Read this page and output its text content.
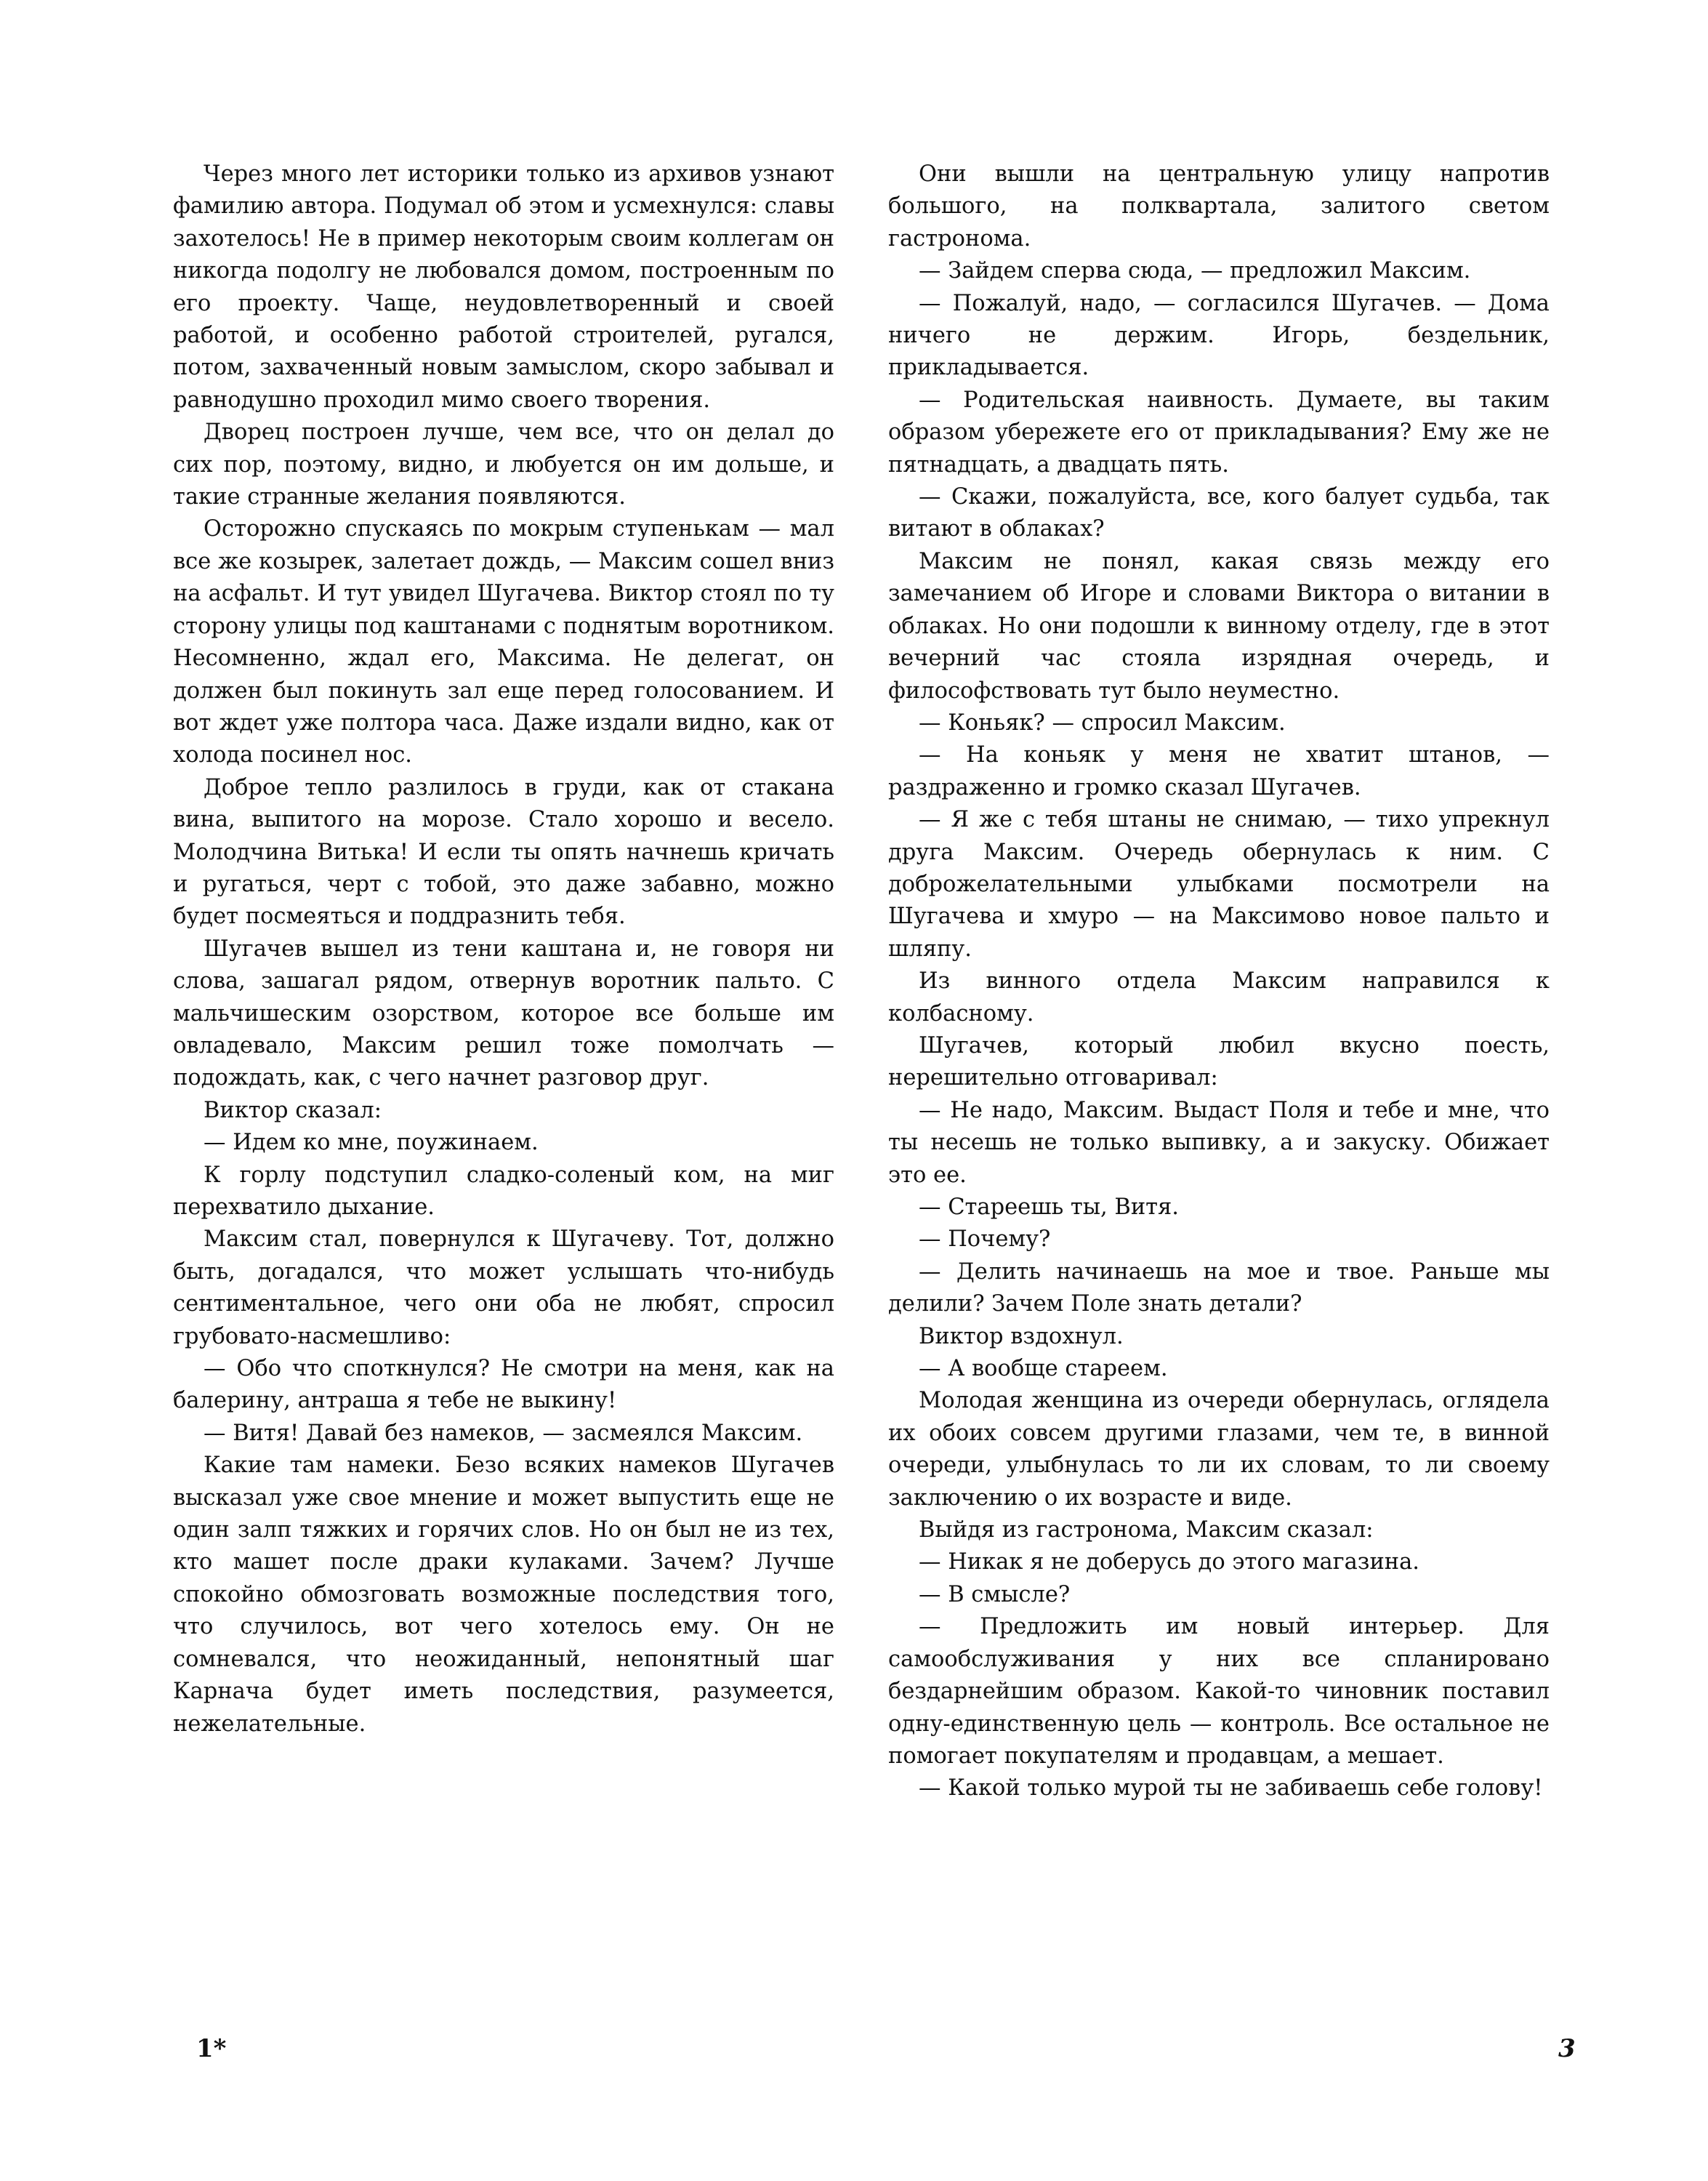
Через много лет историки только из архивов узнают фамилию автора. Подумал об этом и усмехнулся: славы захотелось! Не в пример некоторым своим коллегам он никогда подолгу не любовался домом, построенным по его проекту. Чаще, неудовлетворенный и своей работой, и особенно работой строителей, ругался, потом, захваченный новым замыслом, скоро забывал и равнодушно проходил мимо своего творения.

Дворец построен лучше, чем все, что он делал до сих пор, поэтому, видно, и любуется он им дольше, и такие странные желания появляются.

Осторожно спускаясь по мокрым ступенькам — мал все же козырек, залетает дождь, — Максим сошел вниз на асфальт. И тут увидел Шугачева. Виктор стоял по ту сторону улицы под каштанами с поднятым воротником. Несомненно, ждал его, Максима. Не делегат, он должен был покинуть зал еще перед голосованием. И вот ждет уже полтора часа. Даже издали видно, как от холода посинел нос.

Доброе тепло разлилось в груди, как от стакана вина, выпитого на морозе. Стало хорошо и весело. Молодчина Витька! И если ты опять начнешь кричать и ругаться, черт с тобой, это даже забавно, можно будет посмеяться и поддразнить тебя.

Шугачев вышел из тени каштана и, не говоря ни слова, зашагал рядом, отвернув воротник пальто. С мальчишеским озорством, которое все больше им овладевало, Максим решил тоже помолчать — подождать, как, с чего начнет разговор друг.

Виктор сказал:

— Идем ко мне, поужинаем.

К горлу подступил сладко-соленый ком, на миг перехватило дыхание.

Максим стал, повернулся к Шугачеву. Тот, должно быть, догадался, что может услышать что-нибудь сентиментальное, чего они оба не любят, спросил грубовато-насмешливо:

— Обо что споткнулся? Не смотри на меня, как на балерину, антраша я тебе не выкину!

— Витя! Давай без намеков, — засмеялся Максим.

Какие там намеки. Безо всяких намеков Шугачев высказал уже свое мнение и может выпустить еще не один залп тяжких и горячих слов. Но он был не из тех, кто машет после драки кулаками. Зачем? Лучше спокойно обмозговать возможные последствия того, что случилось, вот чего хотелось ему. Он не сомневался, что неожиданный, непонятный шаг Карнача будет иметь последствия, разумеется, нежелательные.

Они вышли на центральную улицу напротив большого, на полквартала, залитого светом гастронома.

— Зайдем сперва сюда, — предложил Максим.

— Пожалуй, надо, — согласился Шугачев. — Дома ничего не держим. Игорь, бездельник, прикладывается.

— Родительская наивность. Думаете, вы таким образом убережете его от прикладывания? Ему же не пятнадцать, а двадцать пять.

— Скажи, пожалуйста, все, кого балует судьба, так витают в облаках?

Максим не понял, какая связь между его замечанием об Игоре и словами Виктора о витании в облаках. Но они подошли к винному отделу, где в этот вечерний час стояла изрядная очередь, и философствовать тут было неуместно.

— Коньяк? — спросил Максим.

— На коньяк у меня не хватит штанов, — раздраженно и громко сказал Шугачев.

— Я же с тебя штаны не снимаю, — тихо упрекнул друга Максим. Очередь обернулась к ним. С доброжелательными улыбками посмотрели на Шугачева и хмуро — на Максимово новое пальто и шляпу.

Из винного отдела Максим направился к колбасному.

Шугачев, который любил вкусно поесть, нерешительно отговаривал:

— Не надо, Максим. Выдаст Поля и тебе и мне, что ты несешь не только выпивку, а и закуску. Обижает это ее.

— Стареешь ты, Витя.

— Почему?

— Делить начинаешь на мое и твое. Раньше мы делили? Зачем Поле знать детали?

Виктор вздохнул.

— А вообще стареем.

Молодая женщина из очереди обернулась, оглядела их обоих совсем другими глазами, чем те, в винной очереди, улыбнулась то ли их словам, то ли своему заключению о их возрасте и виде.

Выйдя из гастронома, Максим сказал:

— Никак я не доберусь до этого магазина.

— В смысле?

— Предложить им новый интерьер. Для самообслуживания у них все спланировано бездарнейшим образом. Какой-то чиновник поставил одну-единственную цель — контроль. Все остальное не помогает покупателям и продавцам, а мешает.

— Какой только мурой ты не забиваешь себе голову!

1*	3
